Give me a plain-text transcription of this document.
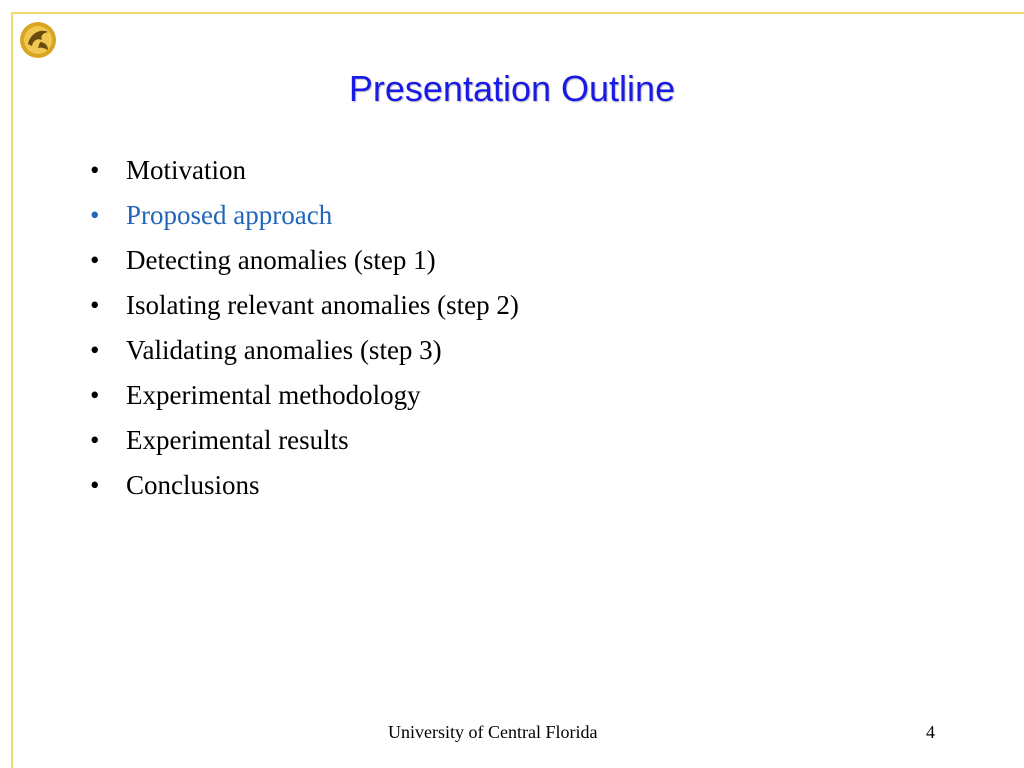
Presentation Outline
• Motivation
• Proposed approach
• Detecting anomalies (step 1)
• Isolating relevant anomalies (step 2)
• Validating anomalies (step 3)
• Experimental methodology
• Experimental results
• Conclusions
University of Central Florida	4
